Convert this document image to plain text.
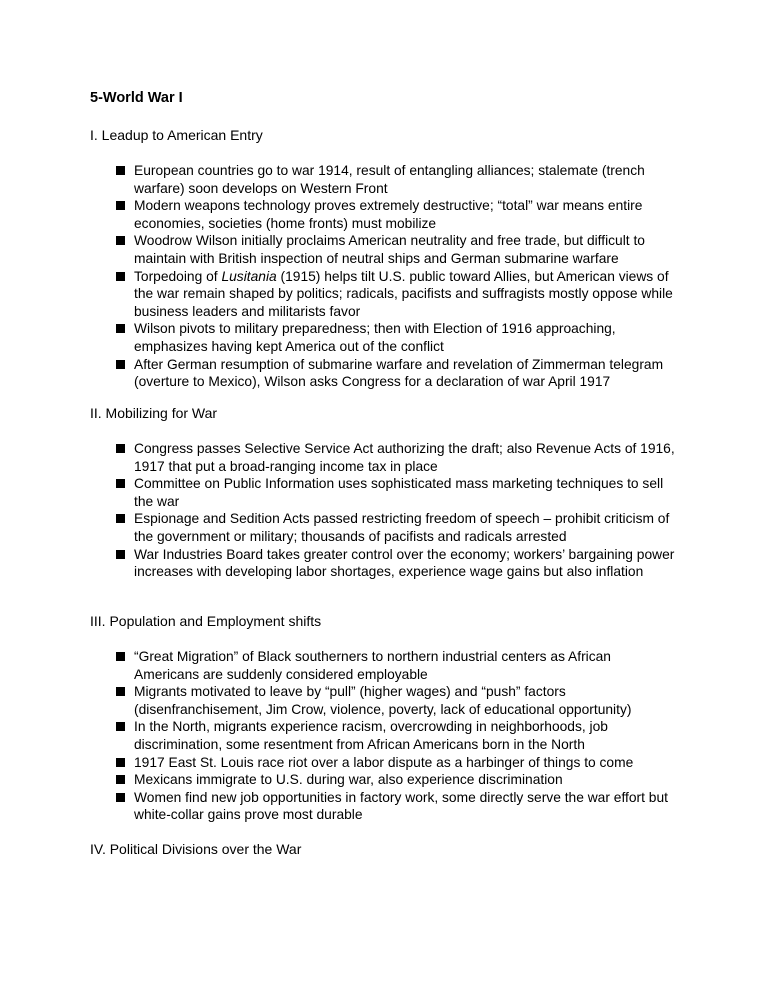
5-World War I
I. Leadup to American Entry
European countries go to war 1914, result of entangling alliances; stalemate (trench warfare) soon develops on Western Front
Modern weapons technology proves extremely destructive; “total” war means entire economies, societies (home fronts) must mobilize
Woodrow Wilson initially proclaims American neutrality and free trade, but difficult to maintain with British inspection of neutral ships and German submarine warfare
Torpedoing of Lusitania (1915) helps tilt U.S. public toward Allies, but American views of the war remain shaped by politics; radicals, pacifists and suffragists mostly oppose while business leaders and militarists favor
Wilson pivots to military preparedness; then with Election of 1916 approaching, emphasizes having kept America out of the conflict
After German resumption of submarine warfare and revelation of Zimmerman telegram (overture to Mexico), Wilson asks Congress for a declaration of war April 1917
II. Mobilizing for War
Congress passes Selective Service Act authorizing the draft; also Revenue Acts of 1916, 1917 that put a broad-ranging income tax in place
Committee on Public Information uses sophisticated mass marketing techniques to sell the war
Espionage and Sedition Acts passed restricting freedom of speech – prohibit criticism of the government or military; thousands of pacifists and radicals arrested
War Industries Board takes greater control over the economy; workers’ bargaining power increases with developing labor shortages, experience wage gains but also inflation
III. Population and Employment shifts
“Great Migration” of Black southerners to northern industrial centers as African Americans are suddenly considered employable
Migrants motivated to leave by “pull” (higher wages) and “push” factors (disenfranchisement, Jim Crow, violence, poverty, lack of educational opportunity)
In the North, migrants experience racism, overcrowding in neighborhoods, job discrimination, some resentment from African Americans born in the North
1917 East St. Louis race riot over a labor dispute as a harbinger of things to come
Mexicans immigrate to U.S. during war, also experience discrimination
Women find new job opportunities in factory work, some directly serve the war effort but white-collar gains prove most durable
IV. Political Divisions over the War
